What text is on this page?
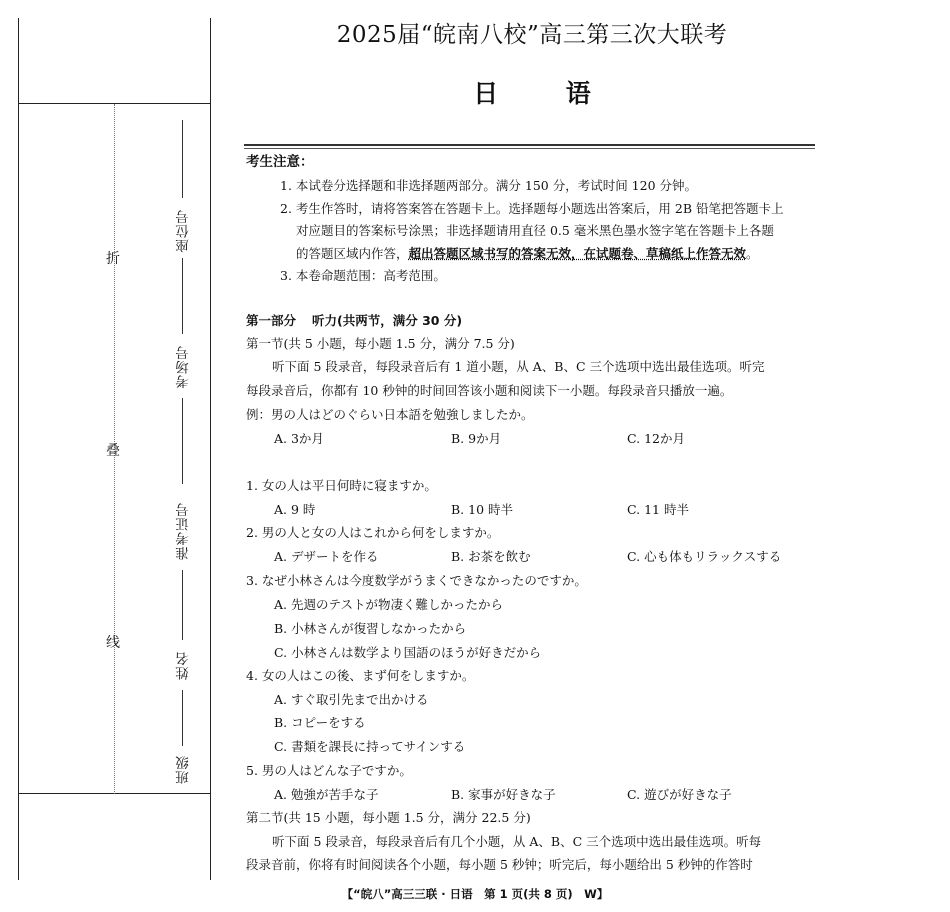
折
叠
线
座位号
考场号
准考证号
姓名
班级
2025届“皖南八校”高三第三次大联考
日	语
考生注意：
1. 本试卷分选择题和非选择题两部分。满分 150 分，考试时间 120 分钟。
2. 考生作答时，请将答案答在答题卡上。选择题每小题选出答案后，用 2B 铅笔把答题卡上
对应题目的答案标号涂黑；非选择题请用直径 0.5 毫米黑色墨水签字笔在答题卡上各题
的答题区域内作答，超出答题区域书写的答案无效，在试题卷、草稿纸上作答无效。
3. 本卷命题范围：高考范围。
第一部分 听力(共两节，满分 30 分)
第一节(共 5 小题，每小题 1.5 分，满分 7.5 分)
听下面 5 段录音，每段录音后有 1 道小题，从 A、B、C 三个选项中选出最佳选项。听完
每段录音后，你都有 10 秒钟的时间回答该小题和阅读下一小题。每段录音只播放一遍。
例：男の人はどのぐらい日本語を勉強しましたか。
A. 3か月	B. 9か月	C. 12か月
1. 女の人は平日何時に寝ますか。
A. 9 時	B. 10 時半	C. 11 時半
2. 男の人と女の人はこれから何をしますか。
A. デザートを作る	B. お茶を飲む	C. 心も体もリラックスする
3. なぜ小林さんは今度数学がうまくできなかったのですか。
A. 先週のテストが物凄く難しかったから
B. 小林さんが復習しなかったから
C. 小林さんは数学より国語のほうが好きだから
4. 女の人はこの後、まず何をしますか。
A. すぐ取引先まで出かける
B. コピーをする
C. 書類を課長に持ってサインする
5. 男の人はどんな子ですか。
A. 勉強が苦手な子	B. 家事が好きな子	C. 遊びが好きな子
第二节(共 15 小题，每小题 1.5 分，满分 22.5 分)
听下面 5 段录音，每段录音后有几个小题，从 A、B、C 三个选项中选出最佳选项。听每
段录音前，你将有时间阅读各个小题，每小题 5 秒钟；听完后，每小题给出 5 秒钟的作答时
【“皖八”高三三联 · 日语　第 1 页(共 8 页)　W】
